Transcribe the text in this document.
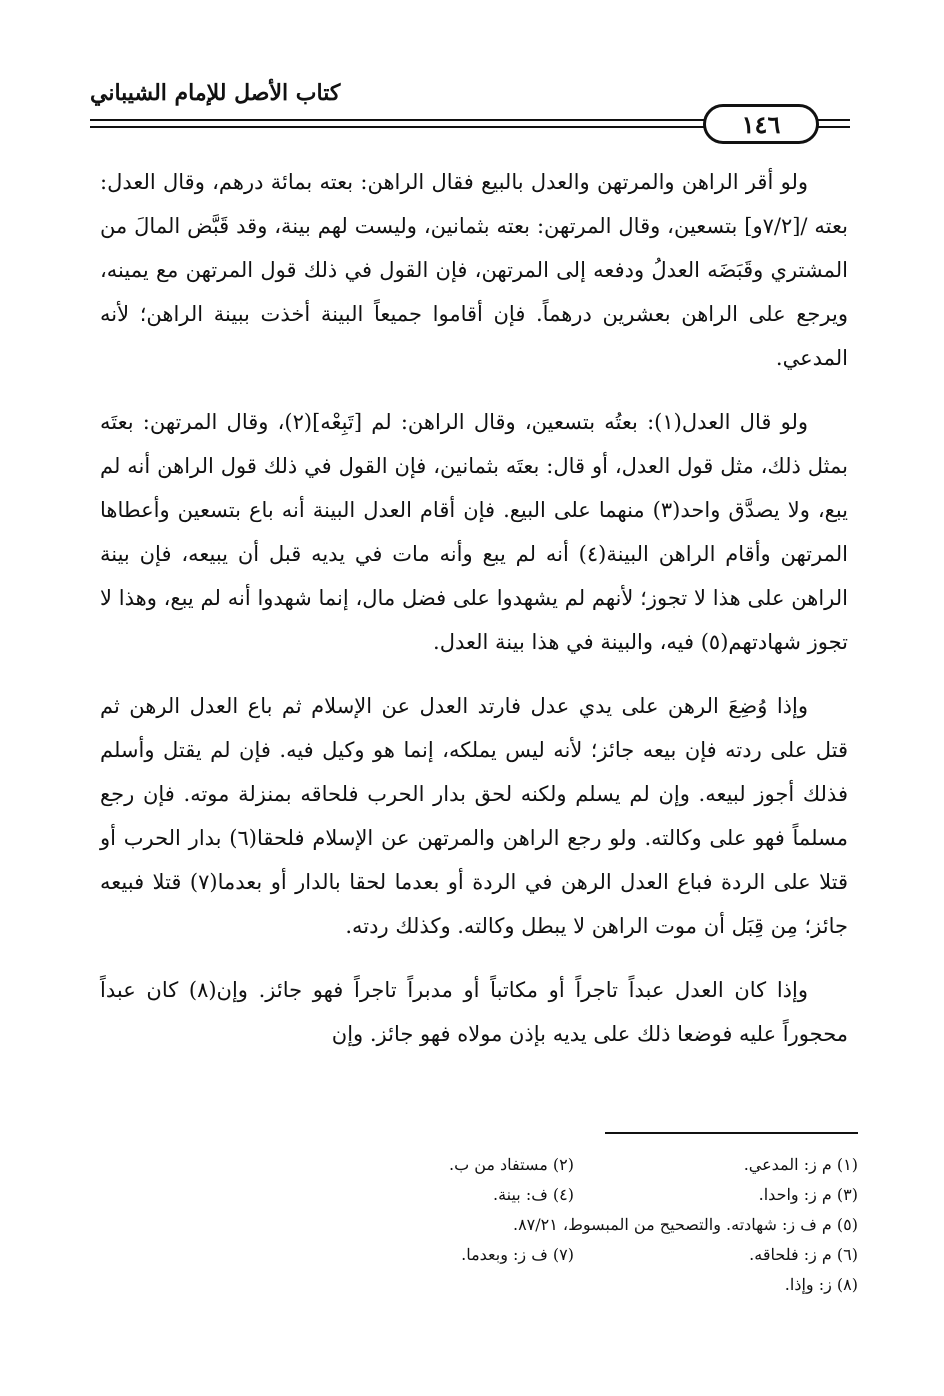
كتاب الأصل للإمام الشيباني
١٤٦

ولو أقر الراهن والمرتهن والعدل بالبيع فقال الراهن: بعته بمائة درهم، وقال العدل: بعته /[٧/٢و] بتسعين، وقال المرتهن: بعته بثمانين، وليست لهم بينة، وقد قَبَّض المالَ من المشتري وقَبَضَه العدلُ ودفعه إلى المرتهن، فإن القول في ذلك قول المرتهن مع يمينه، ويرجع على الراهن بعشرين درهماً. فإن أقاموا جميعاً البينة أخذت ببينة الراهن؛ لأنه المدعي.

ولو قال العدل(١): بعتُه بتسعين، وقال الراهن: لم [تَبِعْه](٢)، وقال المرتهن: بعتَه بمثل ذلك، مثل قول العدل، أو قال: بعتَه بثمانين، فإن القول في ذلك قول الراهن أنه لم يبع، ولا يصدَّق واحد(٣) منهما على البيع. فإن أقام العدل البينة أنه باع بتسعين وأعطاها المرتهن وأقام الراهن البينة(٤) أنه لم يبع وأنه مات في يديه قبل أن يبيعه، فإن بينة الراهن على هذا لا تجوز؛ لأنهم لم يشهدوا على فضل مال، إنما شهدوا أنه لم يبع، وهذا لا تجوز شهادتهم(٥) فيه، والبينة في هذا بينة العدل.

وإذا وُضِعَ الرهن على يدي عدل فارتد العدل عن الإسلام ثم باع العدل الرهن ثم قتل على ردته فإن بيعه جائز؛ لأنه ليس يملكه، إنما هو وكيل فيه. فإن لم يقتل وأسلم فذلك أجوز لبيعه. وإن لم يسلم ولكنه لحق بدار الحرب فلحاقه بمنزلة موته. فإن رجع مسلماً فهو على وكالته. ولو رجع الراهن والمرتهن عن الإسلام فلحقا(٦) بدار الحرب أو قتلا على الردة فباع العدل الرهن في الردة أو بعدما لحقا بالدار أو بعدما(٧) قتلا فبيعه جائز؛ مِن قِبَل أن موت الراهن لا يبطل وكالته. وكذلك ردته.

وإذا كان العدل عبداً تاجراً أو مكاتباً أو مدبراً تاجراً فهو جائز. وإن(٨) كان عبداً محجوراً عليه فوضعا ذلك على يديه بإذن مولاه فهو جائز. وإن

(١) م ز: المدعي.
(٢) مستفاد من ب.
(٣) م ز: واحدا.
(٤) ف: بينة.
(٥) م ف ز: شهادته. والتصحيح من المبسوط، ٨٧/٢١.
(٦) م ز: فلحاقه.
(٧) ف ز: وبعدما.
(٨) ز: وإذا.
